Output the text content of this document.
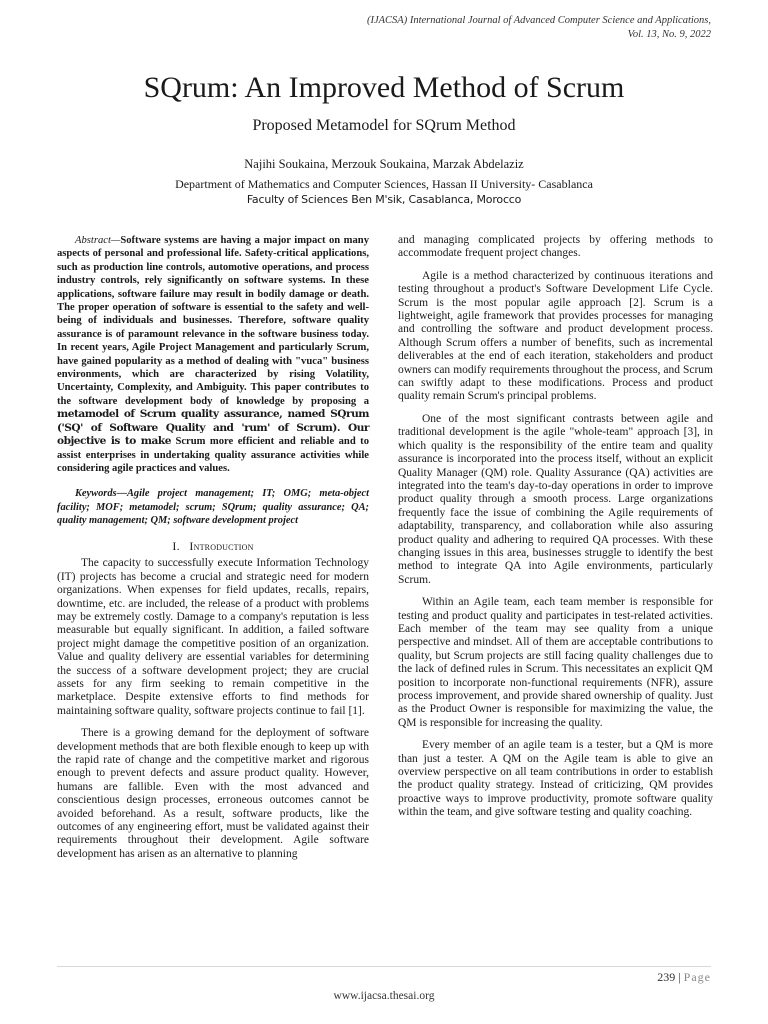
(IJACSA) International Journal of Advanced Computer Science and Applications,
Vol. 13, No. 9, 2022
SQrum: An Improved Method of Scrum
Proposed Metamodel for SQrum Method
Najihi Soukaina, Merzouk Soukaina, Marzak Abdelaziz
Department of Mathematics and Computer Sciences, Hassan II University- Casablanca
Faculty of Sciences Ben M'sik, Casablanca, Morocco

Abstract—Software systems are having a major impact on many aspects of personal and professional life. Safety-critical applications, such as production line controls, automotive operations, and process industry controls, rely significantly on software systems. In these applications, software failure may result in bodily damage or death. The proper operation of software is essential to the safety and well-being of individuals and businesses. Therefore, software quality assurance is of paramount relevance in the software business today. In recent years, Agile Project Management and particularly Scrum, have gained popularity as a method of dealing with "vuca" business environments, which are characterized by rising Volatility, Uncertainty, Complexity, and Ambiguity. This paper contributes to the software development body of knowledge by proposing a metamodel of Scrum quality assurance, named SQrum ('SQ' of Software Quality and 'rum' of Scrum). Our objective is to make Scrum more efficient and reliable and to assist enterprises in undertaking quality assurance activities while considering agile practices and values.

Keywords—Agile project management; IT; OMG; meta-object facility; MOF; metamodel; scrum; SQrum; quality assurance; QA; quality management; QM; software development project

I. Introduction

The capacity to successfully execute Information Technology (IT) projects has become a crucial and strategic need for modern organizations. When expenses for field updates, recalls, repairs, downtime, etc. are included, the release of a product with problems may be extremely costly. Damage to a company's reputation is less measurable but equally significant. In addition, a failed software project might damage the competitive position of an organization. Value and quality delivery are essential variables for determining the success of a software development project; they are crucial assets for any firm seeking to remain competitive in the marketplace. Despite extensive efforts to find methods for maintaining software quality, software projects continue to fail [1].

There is a growing demand for the deployment of software development methods that are both flexible enough to keep up with the rapid rate of change and the competitive market and rigorous enough to prevent defects and assure product quality. However, humans are fallible. Even with the most advanced and conscientious design processes, erroneous outcomes cannot be avoided beforehand. As a result, software products, like the outcomes of any engineering effort, must be validated against their requirements throughout their development. Agile software development has arisen as an alternative to planning

and managing complicated projects by offering methods to accommodate frequent project changes.

Agile is a method characterized by continuous iterations and testing throughout a product's Software Development Life Cycle. Scrum is the most popular agile approach [2]. Scrum is a lightweight, agile framework that provides processes for managing and controlling the software and product development process. Although Scrum offers a number of benefits, such as incremental deliverables at the end of each iteration, stakeholders and product owners can modify requirements throughout the process, and Scrum can swiftly adapt to these modifications. Process and product quality remain Scrum's principal problems.

One of the most significant contrasts between agile and traditional development is the agile "whole-team" approach [3], in which quality is the responsibility of the entire team and quality assurance is incorporated into the process itself, without an explicit Quality Manager (QM) role. Quality Assurance (QA) activities are integrated into the team's day-to-day operations in order to improve product quality through a smooth process. Large organizations frequently face the issue of combining the Agile requirements of adaptability, transparency, and collaboration while also assuring product quality and adhering to required QA processes. With these changing issues in this area, businesses struggle to identify the best method to integrate QA into Agile environments, particularly Scrum.

Within an Agile team, each team member is responsible for testing and product quality and participates in test-related activities. Each member of the team may see quality from a unique perspective and mindset. All of them are acceptable contributions to quality, but Scrum projects are still facing quality challenges due to the lack of defined rules in Scrum. This necessitates an explicit QM position to incorporate non-functional requirements (NFR), assure process improvement, and provide shared ownership of quality. Just as the Product Owner is responsible for maximizing the value, the QM is responsible for increasing the quality.

Every member of an agile team is a tester, but a QM is more than just a tester. A QM on the Agile team is able to give an overview perspective on all team contributions in order to establish the product quality strategy. Instead of criticizing, QM provides proactive ways to improve productivity, promote software quality within the team, and give software testing and quality coaching.

239 | Page
www.ijacsa.thesai.org
